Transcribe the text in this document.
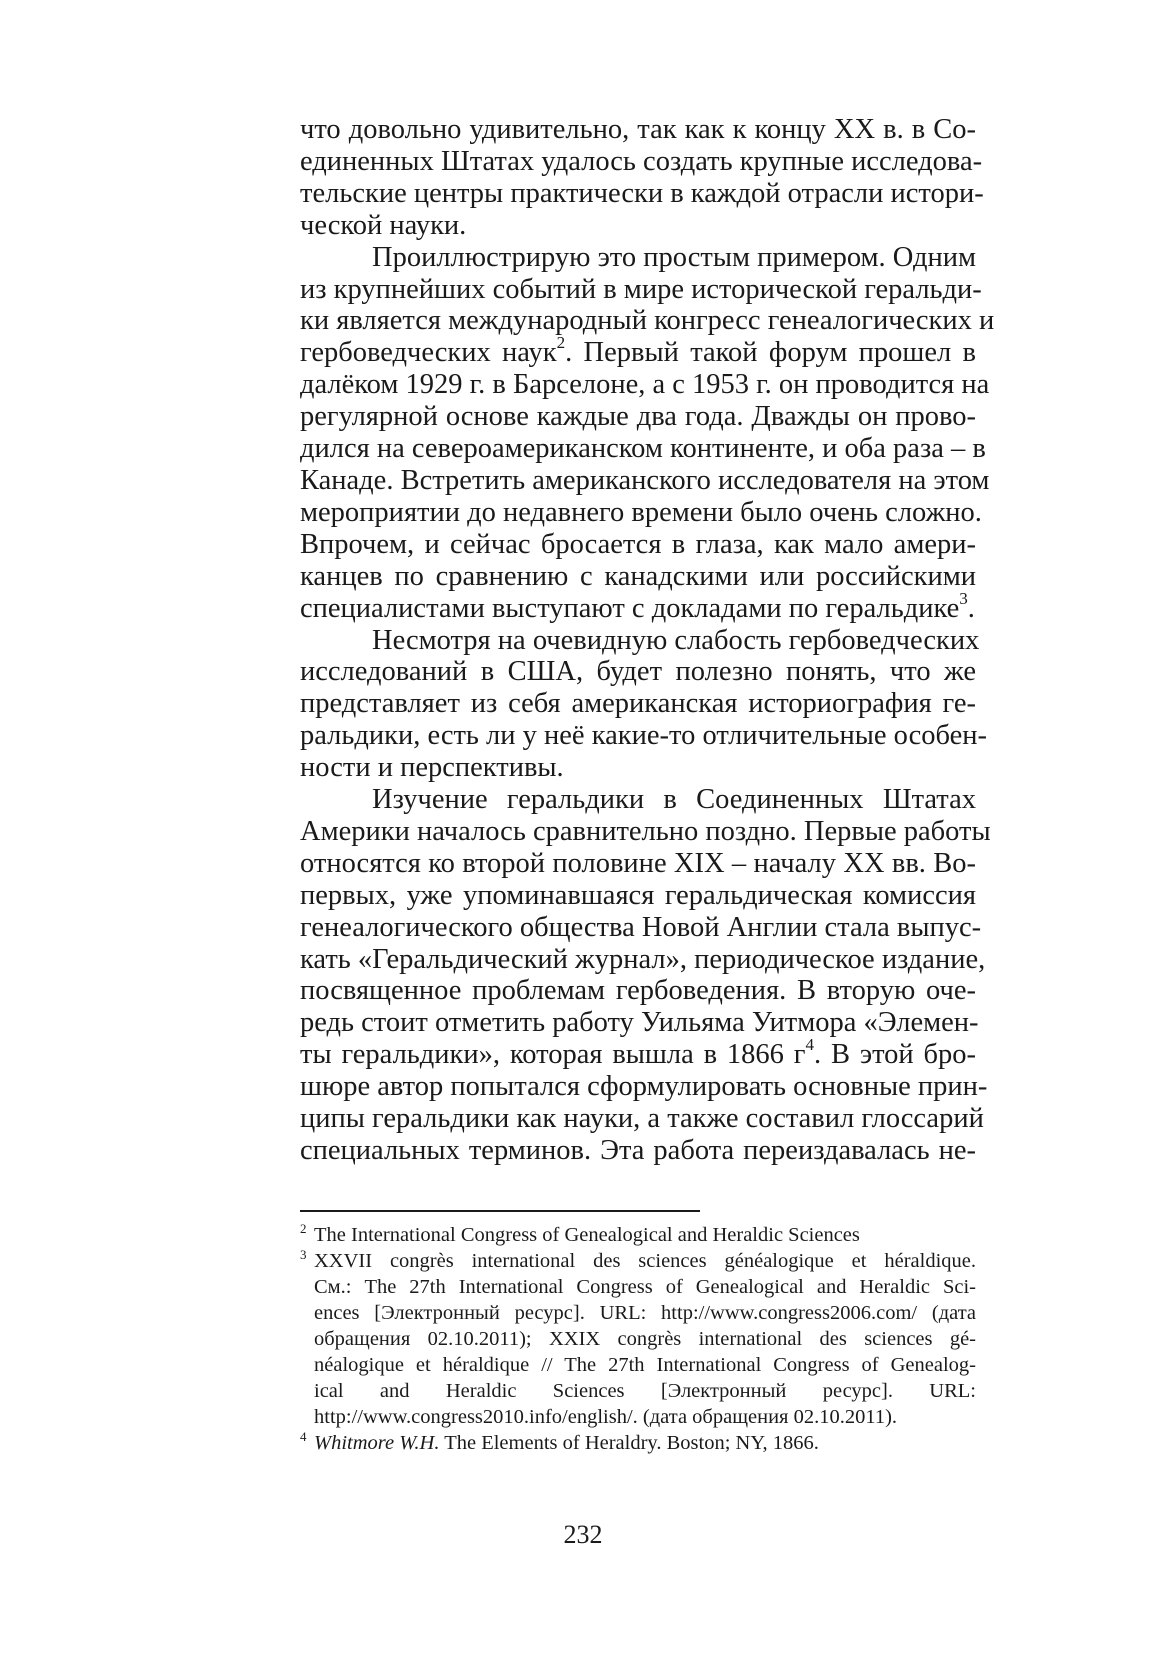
что довольно удивительно, так как к концу XX в. в Со-
единенных Штатах удалось создать крупные исследова-
тельские центры практически в каждой отрасли истори-
ческой науки.

Проиллюстрирую это простым примером. Одним
из крупнейших событий в мире исторической геральди-
ки является международный конгресс генеалогических и
гербоведческих наук$^2$. Первый такой форум прошел в
далёком 1929 г. в Барселоне, а с 1953 г. он проводится на
регулярной основе каждые два года. Дважды он прово-
дился на североамериканском континенте, и оба раза – в
Канаде. Встретить американского исследователя на этом
мероприятии до недавнего времени было очень сложно.
Впрочем, и сейчас бросается в глаза, как мало амери-
канцев по сравнению с канадскими или российскими
специалистами выступают с докладами по геральдике$^3$.

Несмотря на очевидную слабость гербоведческих
исследований в США, будет полезно понять, что же
представляет из себя американская историография ге-
ральдики, есть ли у неё какие-то отличительные особен-
ности и перспективы.

Изучение геральдики в Соединенных Штатах
Америки началось сравнительно поздно. Первые работы
относятся ко второй половине XIX – началу XX вв. Во-
первых, уже упоминавшаяся геральдическая комиссия
генеалогического общества Новой Англии стала выпус-
кать «Геральдический журнал», периодическое издание,
посвященное проблемам гербоведения. В вторую оче-
редь стоит отметить работу Уильяма Уитмора «Элемен-
ты геральдики», которая вышла в 1866 $г^4$. В этой бро-
шюре автор попытался сформулировать основные прин-
ципы геральдики как науки, а также составил глоссарий
специальных терминов. Эта работа переиздавалась не-

2 The International Congress of Genealogical and Heraldic Sciences
3 XXVII congrès international des sciences généalogique et héraldique.
См.: The 27th International Congress of Genealogical and Heraldic Sci-
ences [Электронный ресурс]. URL: http://www.congress2006.com/ (дата
обращения 02.10.2011); XXIX congrès international des sciences gé-
néalogique et héraldique // The 27th International Congress of Genealog-
ical and Heraldic Sciences [Электронный ресурс]. URL:
http://www.congress2010.info/english/. (дата обращения 02.10.2011).
4 Whitmore W.H. The Elements of Heraldry. Boston; NY, 1866.
232
